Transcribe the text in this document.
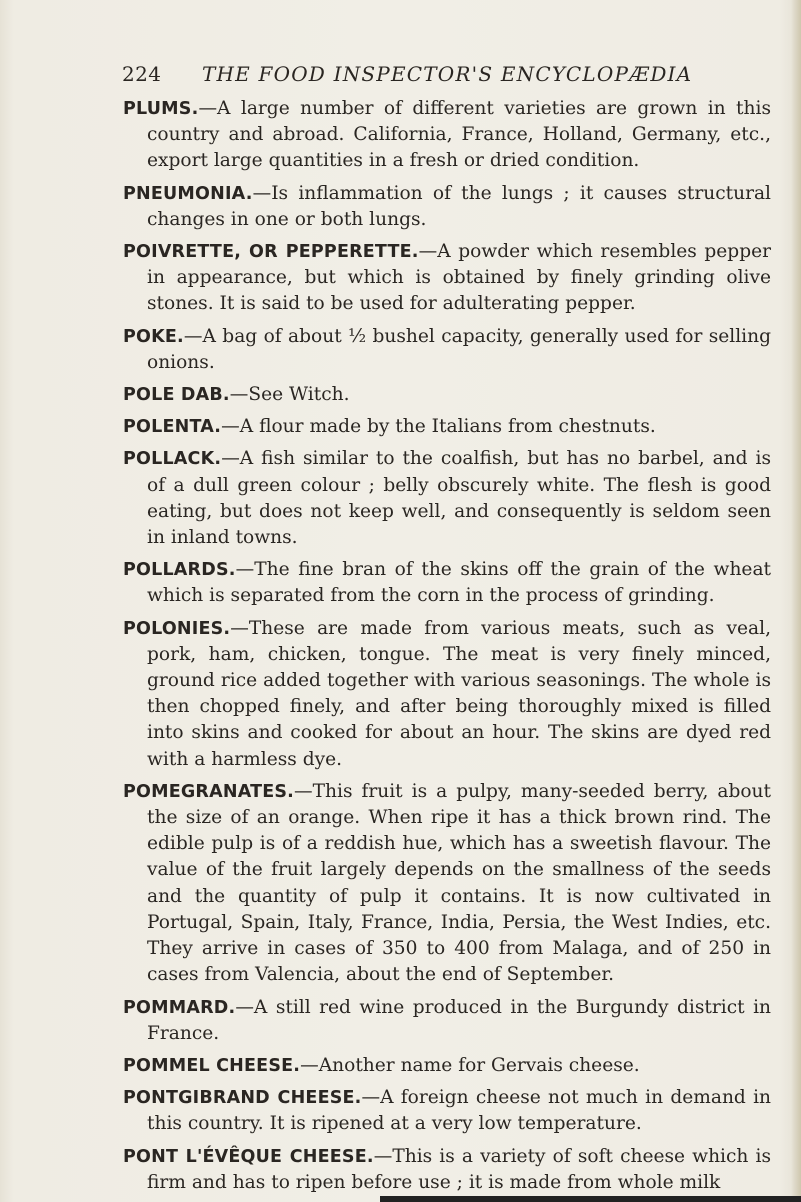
224 THE FOOD INSPECTOR'S ENCYCLOPÆDIA

PLUMS.—A large number of different varieties are grown in this country and abroad. California, France, Holland, Germany, etc., export large quantities in a fresh or dried condition.

PNEUMONIA.—Is inflammation of the lungs ; it causes structural changes in one or both lungs.

POIVRETTE, OR PEPPERETTE.—A powder which resembles pepper in appearance, but which is obtained by finely grinding olive stones. It is said to be used for adulterating pepper.

POKE.—A bag of about ½ bushel capacity, generally used for selling onions.

POLE DAB.—See Witch.

POLENTA.—A flour made by the Italians from chestnuts.

POLLACK.—A fish similar to the coalfish, but has no barbel, and is of a dull green colour ; belly obscurely white. The flesh is good eating, but does not keep well, and consequently is seldom seen in inland towns.

POLLARDS.—The fine bran of the skins off the grain of the wheat which is separated from the corn in the process of grinding.

POLONIES.—These are made from various meats, such as veal, pork, ham, chicken, tongue. The meat is very finely minced, ground rice added together with various seasonings. The whole is then chopped finely, and after being thoroughly mixed is filled into skins and cooked for about an hour. The skins are dyed red with a harmless dye.

POMEGRANATES.—This fruit is a pulpy, many-seeded berry, about the size of an orange. When ripe it has a thick brown rind. The edible pulp is of a reddish hue, which has a sweetish flavour. The value of the fruit largely depends on the smallness of the seeds and the quantity of pulp it contains. It is now cultivated in Portugal, Spain, Italy, France, India, Persia, the West Indies, etc. They arrive in cases of 350 to 400 from Malaga, and of 250 in cases from Valencia, about the end of September.

POMMARD.—A still red wine produced in the Burgundy district in France.

POMMEL CHEESE.—Another name for Gervais cheese.

PONTGIBRAND CHEESE.—A foreign cheese not much in demand in this country. It is ripened at a very low temperature.

PONT L'ÉVÊQUE CHEESE.—This is a variety of soft cheese which is firm and has to ripen before use ; it is made from whole milk
